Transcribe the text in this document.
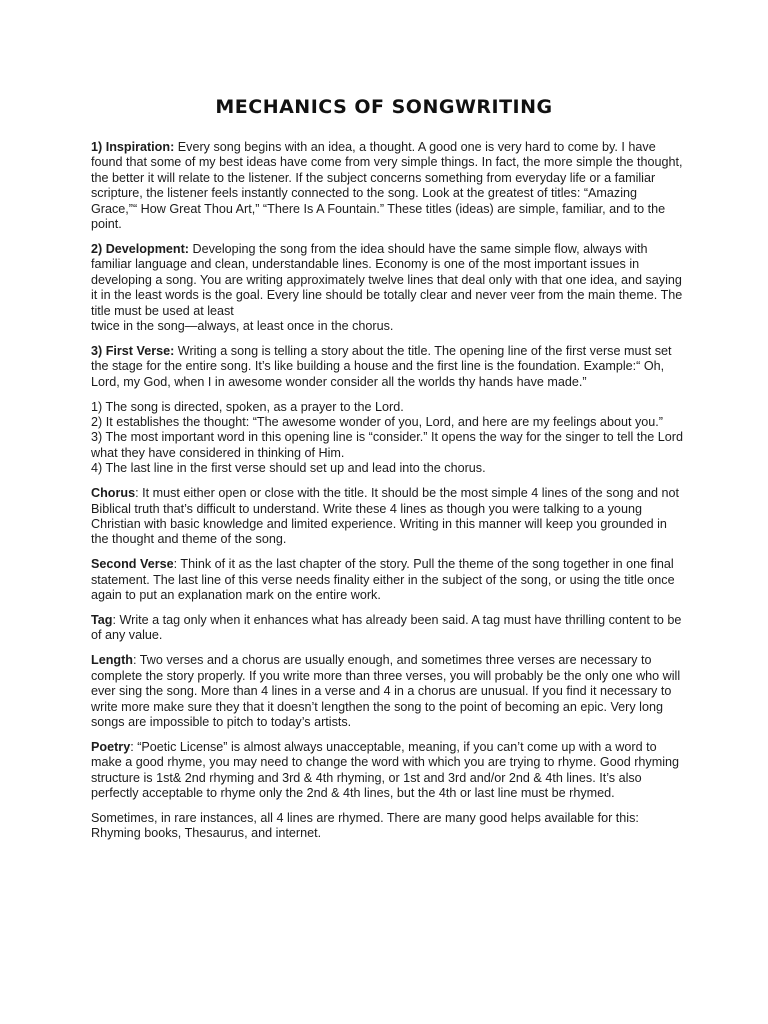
MECHANICS OF SONGWRITING

1) Inspiration: Every song begins with an idea, a thought. A good one is very hard to come by. I have found that some of my best ideas have come from very simple things. In fact, the more simple the thought, the better it will relate to the listener. If the subject concerns something from everyday life or a familiar scripture, the listener feels instantly connected to the song. Look at the greatest of titles: “Amazing Grace,”“ How Great Thou Art,” “There Is A Fountain.” These titles (ideas) are simple, familiar, and to the point.

2) Development: Developing the song from the idea should have the same simple flow, always with familiar language and clean, understandable lines. Economy is one of the most important issues in developing a song. You are writing approximately twelve lines that deal only with that one idea, and saying it in the least words is the goal. Every line should be totally clear and never veer from the main theme. The title must be used at least
twice in the song—always, at least once in the chorus.

3) First Verse: Writing a song is telling a story about the title. The opening line of the first verse must set the stage for the entire song. It’s like building a house and the first line is the foundation. Example:“ Oh, Lord, my God, when I in awesome wonder consider all the worlds thy hands have made.”

1) The song is directed, spoken, as a prayer to the Lord.
2) It establishes the thought: “The awesome wonder of you, Lord, and here are my feelings about you.”
3) The most important word in this opening line is “consider.” It opens the way for the singer to tell the Lord what they have considered in thinking of Him.
4) The last line in the first verse should set up and lead into the chorus.

Chorus: It must either open or close with the title. It should be the most simple 4 lines of the song and not Biblical truth that’s difficult to understand. Write these 4 lines as though you were talking to a young Christian with basic knowledge and limited experience. Writing in this manner will keep you grounded in the thought and theme of the song.

Second Verse: Think of it as the last chapter of the story. Pull the theme of the song together in one final statement. The last line of this verse needs finality either in the subject of the song, or using the title once
again to put an explanation mark on the entire work.

Tag: Write a tag only when it enhances what has already been said. A tag must have thrilling content to be of any value.

Length: Two verses and a chorus are usually enough, and sometimes three verses are necessary to complete the story properly. If you write more than three verses, you will probably be the only one who will ever sing the song. More than 4 lines in a verse and 4 in a chorus are unusual. If you find it necessary to write more make sure they that it doesn’t lengthen the song to the point of becoming an epic. Very long songs are impossible to pitch to today’s artists.

Poetry: “Poetic License” is almost always unacceptable, meaning, if you can’t come up with a word to make a good rhyme, you may need to change the word with which you are trying to rhyme. Good rhyming structure is 1st& 2nd rhyming and 3rd & 4th rhyming, or 1st and 3rd and/or 2nd & 4th lines. It’s also perfectly acceptable to rhyme only the 2nd & 4th lines, but the 4th or last line must be rhymed.

Sometimes, in rare instances, all 4 lines are rhymed. There are many good helps available for this: Rhyming books, Thesaurus, and internet.
